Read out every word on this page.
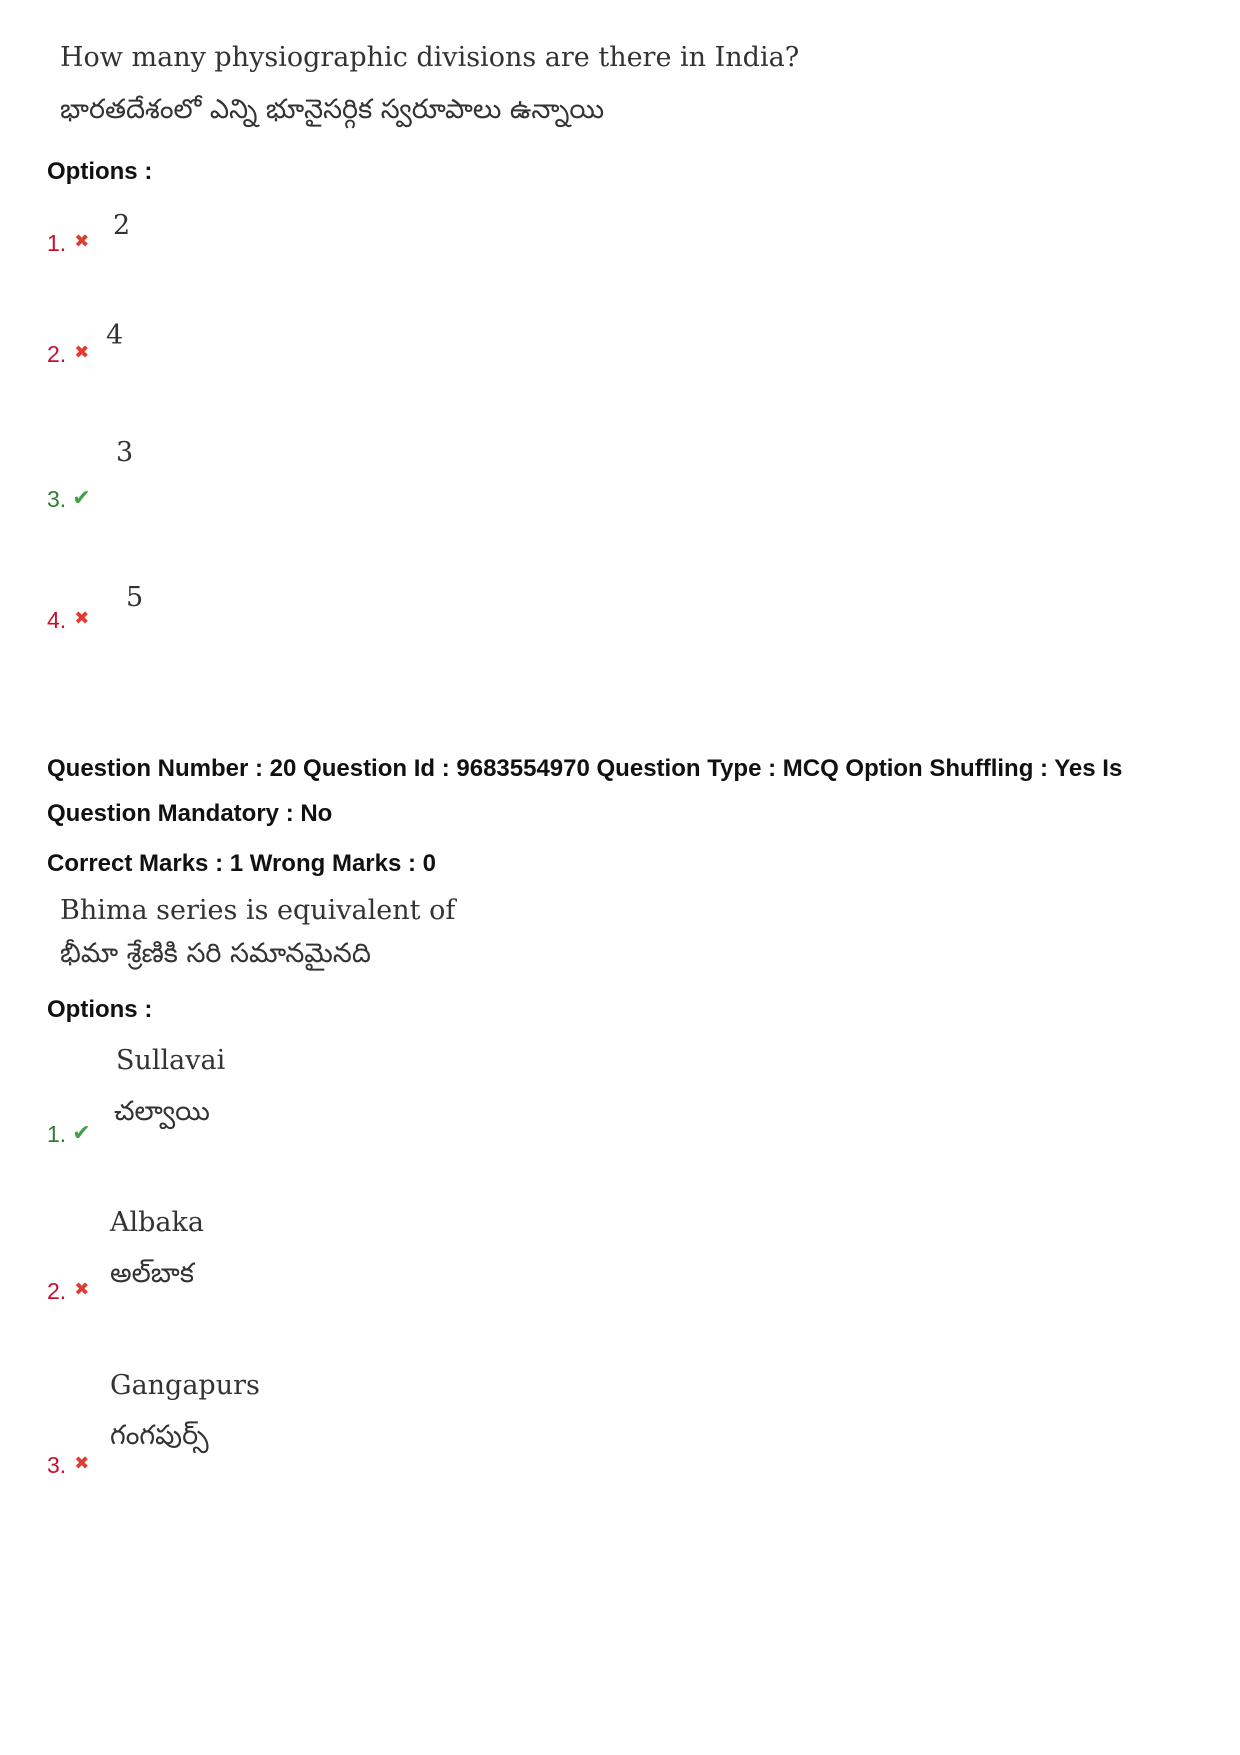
How many physiographic divisions are there in India?
భారతదేశంలో ఎన్ని భూనైసర్గిక స్వరూపాలు ఉన్నాయి
Options :
2
1. ✖
4
2. ✖
3
3. ✔
5
4. ✖
Question Number : 20 Question Id : 9683554970 Question Type : MCQ Option Shuffling : Yes Is
Question Mandatory : No
Correct Marks : 1 Wrong Marks : 0
Bhima series is equivalent of
భీమా శ్రేణికి సరి సమానమైనది
Options :
Sullavai
చల్వాయి
1. ✔
Albaka
అల్‌బాక
2. ✖
Gangapurs
గంగపుర్స్
3. ✖
